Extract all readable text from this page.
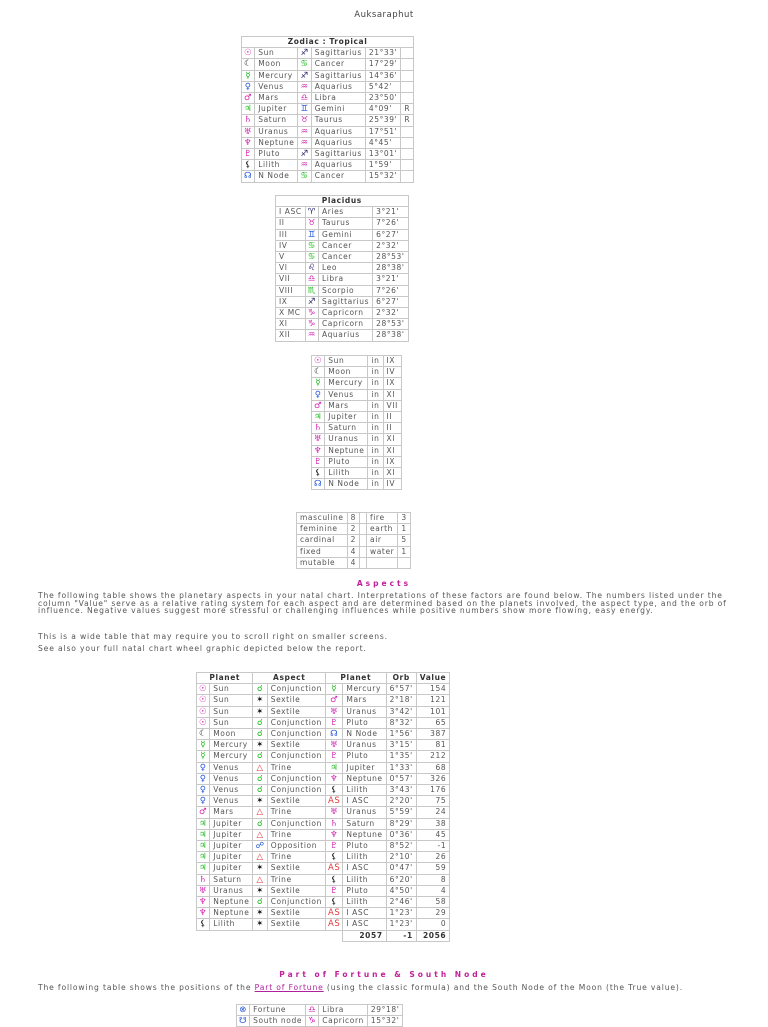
Auksaraphut
Zodiac : Tropical					
☉	Sun	♐	Sagittarius	21°33'	
☾	Moon	♋	Cancer	17°29'	
☿	Mercury	♐	Sagittarius	14°36'	
♀	Venus	♒	Aquarius	5°42'	
♂	Mars	♎	Libra	23°50'	
♃	Jupiter	♊	Gemini	4°09'	R
♄	Saturn	♉	Taurus	25°39'	R
♅	Uranus	♒	Aquarius	17°51'	
♆	Neptune	♒	Aquarius	4°45'	
♇	Pluto	♐	Sagittarius	13°01'	
⚸	Lilith	♒	Aquarius	1°59'	
☊	N Node	♋	Cancer	15°32'	
Placidus			
I ASC	♈	Aries	3°21'
II	♉	Taurus	7°26'
III	♊	Gemini	6°27'
IV	♋	Cancer	2°32'
V	♋	Cancer	28°53'
VI	♌	Leo	28°38'
VII	♎	Libra	3°21'
VIII	♏	Scorpio	7°26'
IX	♐	Sagittarius	6°27'
X MC	♑	Capricorn	2°32'
XI	♑	Capricorn	28°53'
XII	♒	Aquarius	28°38'
☉	Sun	in	IX
☾	Moon	in	IV
☿	Mercury	in	IX
♀	Venus	in	XI
♂	Mars	in	VII
♃	Jupiter	in	II
♄	Saturn	in	II
♅	Uranus	in	XI
♆	Neptune	in	XI
♇	Pluto	in	IX
⚸	Lilith	in	XI
☊	N Node	in	IV
masculine	8		fire	3
feminine	2		earth	1
cardinal	2		air	5
fixed	4		water	1
mutable	4			
Aspects

The following table shows the planetary aspects in your natal chart. Interpretations of these factors are found below. The numbers listed under the column "Value" serve as a relative rating system for each aspect and are determined based on the planets involved, the aspect type, and the orb of influence. Negative values suggest more stressful or challenging influences while positive numbers show more flowing, easy energy.

This is a wide table that may require you to scroll right on smaller screens.

See also your full natal chart wheel graphic depicted below the report.

Planet		Aspect		Planet		Orb	Value
☉	Sun	☌	Conjunction	☿	Mercury	6°57'	154
☉	Sun	✶	Sextile	♂	Mars	2°18'	121
☉	Sun	✶	Sextile	♅	Uranus	3°42'	101
☉	Sun	☌	Conjunction	♇	Pluto	8°32'	65
☾	Moon	☌	Conjunction	☊	N Node	1°56'	387
☿	Mercury	✶	Sextile	♅	Uranus	3°15'	81
☿	Mercury	☌	Conjunction	♇	Pluto	1°35'	212
♀	Venus	△	Trine	♃	Jupiter	1°33'	68
♀	Venus	☌	Conjunction	♆	Neptune	0°57'	326
♀	Venus	☌	Conjunction	⚸	Lilith	3°43'	176
♀	Venus	✶	Sextile	AS	I ASC	2°20'	75
♂	Mars	△	Trine	♅	Uranus	5°59'	24
♃	Jupiter	☌	Conjunction	♄	Saturn	8°29'	38
♃	Jupiter	△	Trine	♆	Neptune	0°36'	45
♃	Jupiter	☍	Opposition	♇	Pluto	8°52'	-1
♃	Jupiter	△	Trine	⚸	Lilith	2°10'	26
♃	Jupiter	✶	Sextile	AS	I ASC	0°47'	59
♄	Saturn	△	Trine	⚸	Lilith	6°20'	8
♅	Uranus	✶	Sextile	♇	Pluto	4°50'	4
♆	Neptune	☌	Conjunction	⚸	Lilith	2°46'	58
♆	Neptune	✶	Sextile	AS	I ASC	1°23'	29
⚸	Lilith	✶	Sextile	AS	I ASC	1°23'	0
					2057	-1	2056
Part of Fortune & South Node

The following table shows the positions of the Part of Fortune (using the classic formula) and the South Node of the Moon (the True value).

⊗	Fortune	♎	Libra	29°18'
☋	South node	♑	Capricorn	15°32'
